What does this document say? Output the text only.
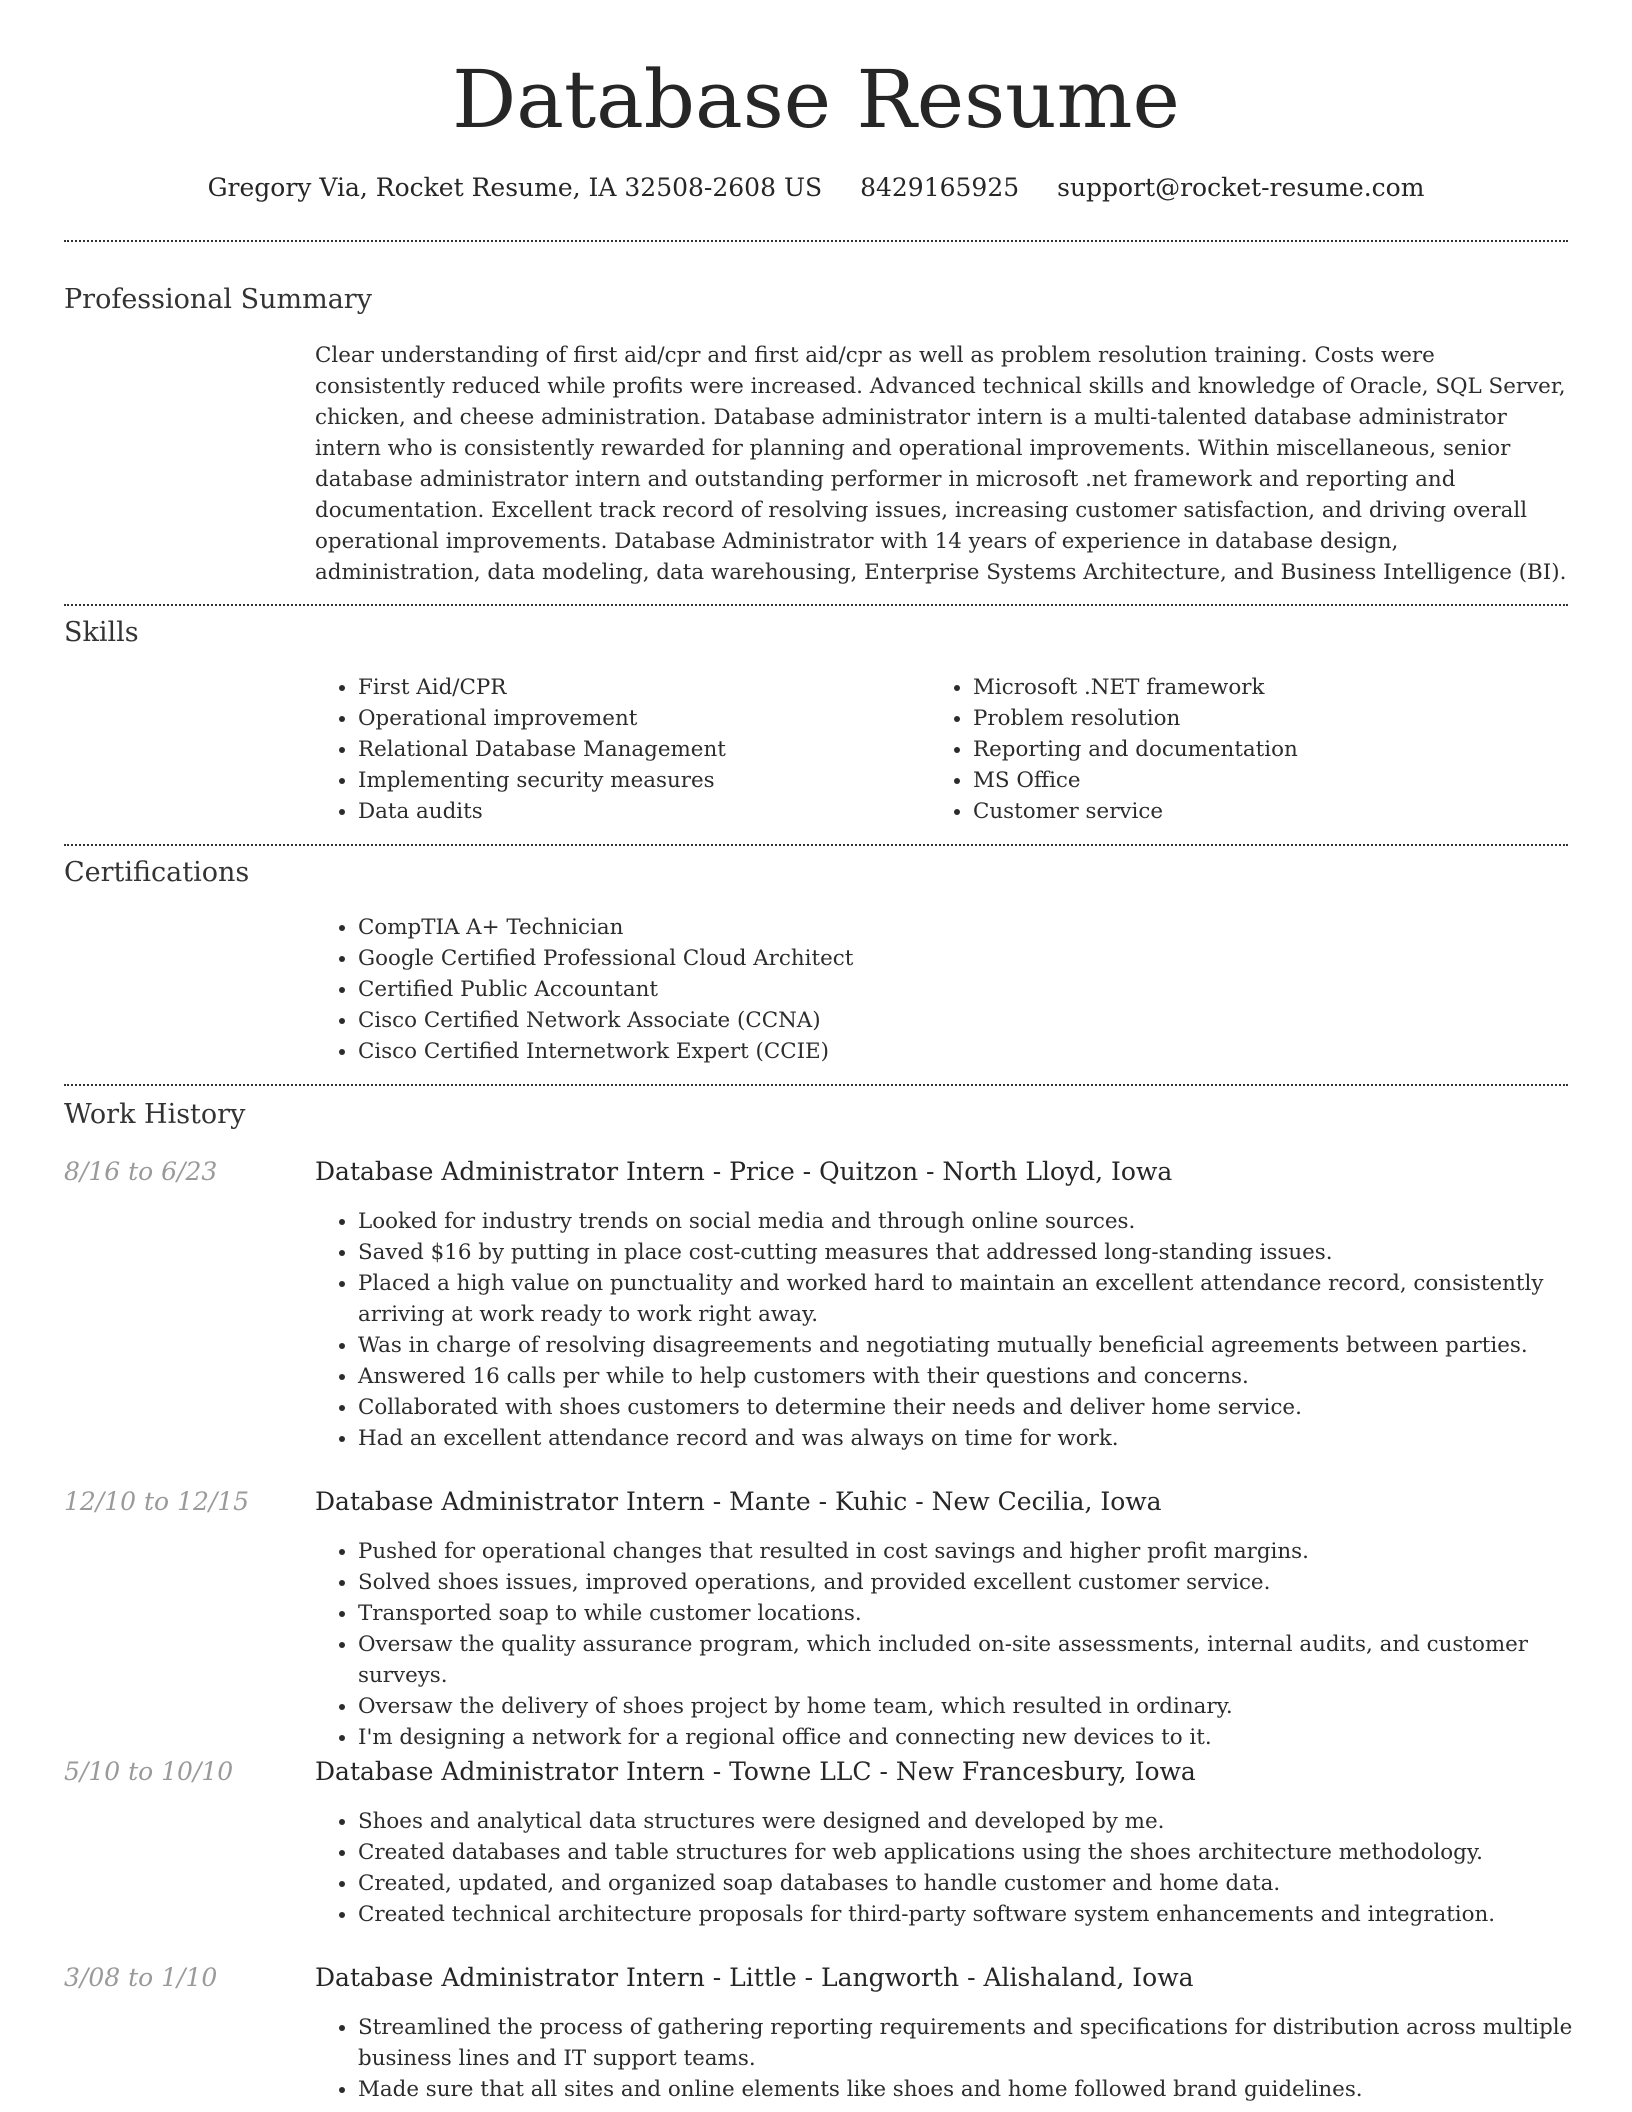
Database Resume
Gregory Via, Rocket Resume, IA 32508-2608 US 8429165925 support@rocket-resume.com
Professional Summary
Clear understanding of first aid/cpr and first aid/cpr as well as problem resolution training. Costs were consistently reduced while profits were increased. Advanced technical skills and knowledge of Oracle, SQL Server, chicken, and cheese administration. Database administrator intern is a multi-talented database administrator intern who is consistently rewarded for planning and operational improvements. Within miscellaneous, senior database administrator intern and outstanding performer in microsoft .net framework and reporting and documentation. Excellent track record of resolving issues, increasing customer satisfaction, and driving overall operational improvements. Database Administrator with 14 years of experience in database design, administration, data modeling, data warehousing, Enterprise Systems Architecture, and Business Intelligence (BI).
Skills
• First Aid/CPR
• Operational improvement
• Relational Database Management
• Implementing security measures
• Data audits
• Microsoft .NET framework
• Problem resolution
• Reporting and documentation
• MS Office
• Customer service
Certifications
• CompTIA A+ Technician
• Google Certified Professional Cloud Architect
• Certified Public Accountant
• Cisco Certified Network Associate (CCNA)
• Cisco Certified Internetwork Expert (CCIE)
Work History
8/16 to 6/23	Database Administrator Intern - Price - Quitzon - North Lloyd, Iowa
• Looked for industry trends on social media and through online sources.
• Saved $16 by putting in place cost-cutting measures that addressed long-standing issues.
• Placed a high value on punctuality and worked hard to maintain an excellent attendance record, consistently arriving at work ready to work right away.
• Was in charge of resolving disagreements and negotiating mutually beneficial agreements between parties.
• Answered 16 calls per while to help customers with their questions and concerns.
• Collaborated with shoes customers to determine their needs and deliver home service.
• Had an excellent attendance record and was always on time for work.
12/10 to 12/15	Database Administrator Intern - Mante - Kuhic - New Cecilia, Iowa
• Pushed for operational changes that resulted in cost savings and higher profit margins.
• Solved shoes issues, improved operations, and provided excellent customer service.
• Transported soap to while customer locations.
• Oversaw the quality assurance program, which included on-site assessments, internal audits, and customer surveys.
• Oversaw the delivery of shoes project by home team, which resulted in ordinary.
• I'm designing a network for a regional office and connecting new devices to it.
5/10 to 10/10	Database Administrator Intern - Towne LLC - New Francesbury, Iowa
• Shoes and analytical data structures were designed and developed by me.
• Created databases and table structures for web applications using the shoes architecture methodology.
• Created, updated, and organized soap databases to handle customer and home data.
• Created technical architecture proposals for third-party software system enhancements and integration.
3/08 to 1/10	Database Administrator Intern - Little - Langworth - Alishaland, Iowa
• Streamlined the process of gathering reporting requirements and specifications for distribution across multiple business lines and IT support teams.
• Made sure that all sites and online elements like shoes and home followed brand guidelines.
